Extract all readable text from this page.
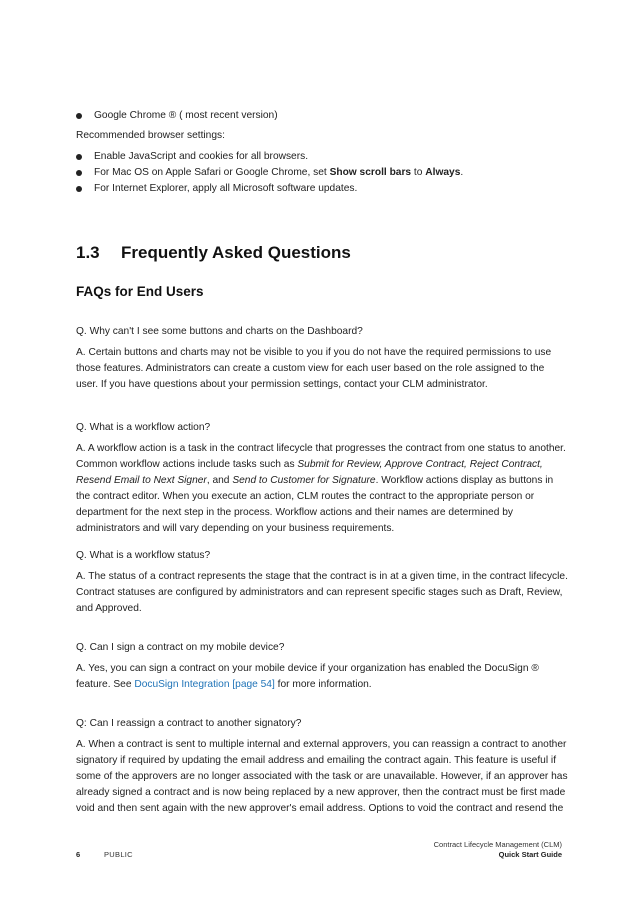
Google Chrome ® ( most recent version)
Recommended browser settings:
Enable JavaScript and cookies for all browsers.
For Mac OS on Apple Safari or Google Chrome, set Show scroll bars to Always.
For Internet Explorer, apply all Microsoft software updates.
1.3 Frequently Asked Questions
FAQs for End Users
Q. Why can't I see some buttons and charts on the Dashboard?
A. Certain buttons and charts may not be visible to you if you do not have the required permissions to use those features. Administrators can create a custom view for each user based on the role assigned to the user. If you have questions about your permission settings, contact your CLM administrator.
Q. What is a workflow action?
A. A workflow action is a task in the contract lifecycle that progresses the contract from one status to another. Common workflow actions include tasks such as Submit for Review, Approve Contract, Reject Contract, Resend Email to Next Signer, and Send to Customer for Signature. Workflow actions display as buttons in the contract editor. When you execute an action, CLM routes the contract to the appropriate person or department for the next step in the process. Workflow actions and their names are determined by administrators and will vary depending on your business requirements.
Q. What is a workflow status?
A. The status of a contract represents the stage that the contract is in at a given time, in the contract lifecycle. Contract statuses are configured by administrators and can represent specific stages such as Draft, Review, and Approved.
Q. Can I sign a contract on my mobile device?
A. Yes, you can sign a contract on your mobile device if your organization has enabled the DocuSign ® feature. See DocuSign Integration [page 54] for more information.
Q: Can I reassign a contract to another signatory?
A. When a contract is sent to multiple internal and external approvers, you can reassign a contract to another signatory if required by updating the email address and emailing the contract again. This feature is useful if some of the approvers are no longer associated with the task or are unavailable. However, if an approver has already signed a contract and is now being replaced by a new approver, then the contract must be first made void and then sent again with the new approver's email address. Options to void the contract and resend the
6	PUBLIC
Contract Lifecycle Management (CLM)
Quick Start Guide
